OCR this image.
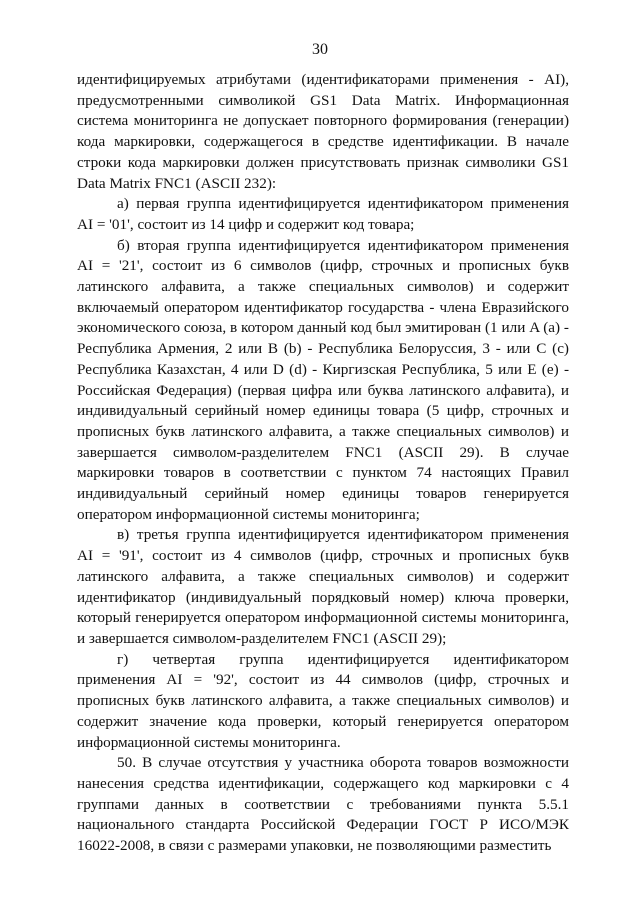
30

идентифицируемых атрибутами (идентификаторами применения - AI), предусмотренными символикой GS1 Data Matrix. Информационная система мониторинга не допускает повторного формирования (генерации) кода маркировки, содержащегося в средстве идентификации. В начале строки кода маркировки должен присутствовать признак символики GS1 Data Matrix FNC1 (ASCII 232):

а) первая группа идентифицируется идентификатором применения AI = '01', состоит из 14 цифр и содержит код товара;

б) вторая группа идентифицируется идентификатором применения AI = '21', состоит из 6 символов (цифр, строчных и прописных букв латинского алфавита, а также специальных символов) и содержит включаемый оператором идентификатор государства - члена Евразийского экономического союза, в котором данный код был эмитирован (1 или A (a) - Республика Армения, 2 или B (b) - Республика Белоруссия, 3 - или C (c) Республика Казахстан, 4 или D (d) - Киргизская Республика, 5 или E (e) - Российская Федерация) (первая цифра или буква латинского алфавита), и индивидуальный серийный номер единицы товара (5 цифр, строчных и прописных букв латинского алфавита, а также специальных символов) и завершается символом-разделителем FNC1 (ASCII 29). В случае маркировки товаров в соответствии с пунктом 74 настоящих Правил индивидуальный серийный номер единицы товаров генерируется оператором информационной системы мониторинга;

в) третья группа идентифицируется идентификатором применения AI = '91', состоит из 4 символов (цифр, строчных и прописных букв латинского алфавита, а также специальных символов) и содержит идентификатор (индивидуальный порядковый номер) ключа проверки, который генерируется оператором информационной системы мониторинга, и завершается символом-разделителем FNC1 (ASCII 29);

г) четвертая группа идентифицируется идентификатором применения AI = '92', состоит из 44 символов (цифр, строчных и прописных букв латинского алфавита, а также специальных символов) и содержит значение кода проверки, который генерируется оператором информационной системы мониторинга.

50. В случае отсутствия у участника оборота товаров возможности нанесения средства идентификации, содержащего код маркировки с 4 группами данных в соответствии с требованиями пункта 5.5.1 национального стандарта Российской Федерации ГОСТ Р ИСО/МЭК 16022-2008, в связи с размерами упаковки, не позволяющими разместить
